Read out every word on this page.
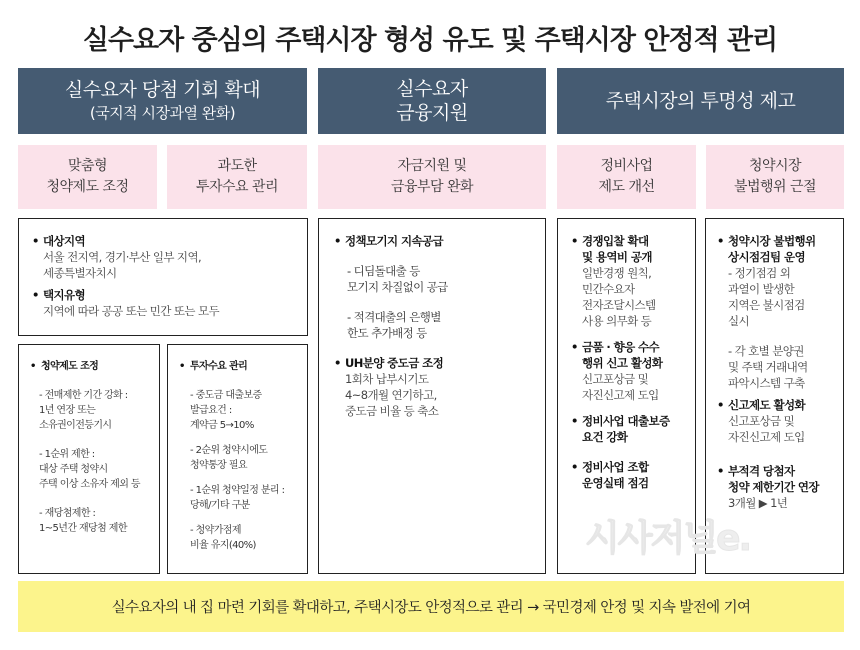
실수요자 중심의 주택시장 형성 유도 및 주택시장 안정적 관리
실수요자 당첨 기회 확대
(국지적 시장과열 완화)
실수요자
금융지원
주택시장의 투명성 제고
맞춤형
청약제도 조정
과도한
투자수요 관리
자금지원 및
금융부담 완화
정비사업
제도 개선
청약시장
불법행위 근절
• 대상지역
서울 전지역, 경기·부산 일부 지역,
세종특별자치시
• 택지유형
지역에 따라 공공 또는 민간 또는 모두
• 청약제도 조정
- 전매제한 기간 강화 :
1년 연장 또는
소유권이전등기시
- 1순위 제한 :
대상 주택 청약시
주택 이상 소유자 제외 등
- 재당첨제한 :
1~5년간 재당첨 제한
• 투자수요 관리
- 중도금 대출보증
발급요건 :
계약금 5→10%
- 2순위 청약시에도
청약통장 필요
- 1순위 청약일정 분리 :
당해/기타 구분
- 청약가점제
비율 유지(40%)
• 정책모기지 지속공급
- 디딤돌대출 등
모기지 차질없이 공급
- 적격대출의 은행별
한도 추가배정 등
• UH분양 중도금 조정
1회차 납부시기도
4~8개월 연기하고,
중도금 비율 등 축소
• 경쟁입찰 확대
및 용역비 공개
일반경쟁 원칙,
민간수요자
전자조달시스템
사용 의무화 등
• 금품 · 향응 수수
행위 신고 활성화
신고포상금 및
자진신고제 도입
• 정비사업 대출보증
요건 강화
• 정비사업 조합
운영실태 점검
• 청약시장 불법행위
상시점검팀 운영
- 정기점검 외
과열이 발생한
지역은 불시점검
실시
- 각 호별 분양권
및 주택 거래내역
파악시스템 구축
• 신고제도 활성화
신고포상금 및
자진신고제 도입
• 부적격 당첨자
청약 제한기간 연장
3개월 ▶ 1년
시사저널e.
실수요자의 내 집 마련 기회를 확대하고, 주택시장도 안정적으로 관리 → 국민경제 안정 및 지속 발전에 기여
